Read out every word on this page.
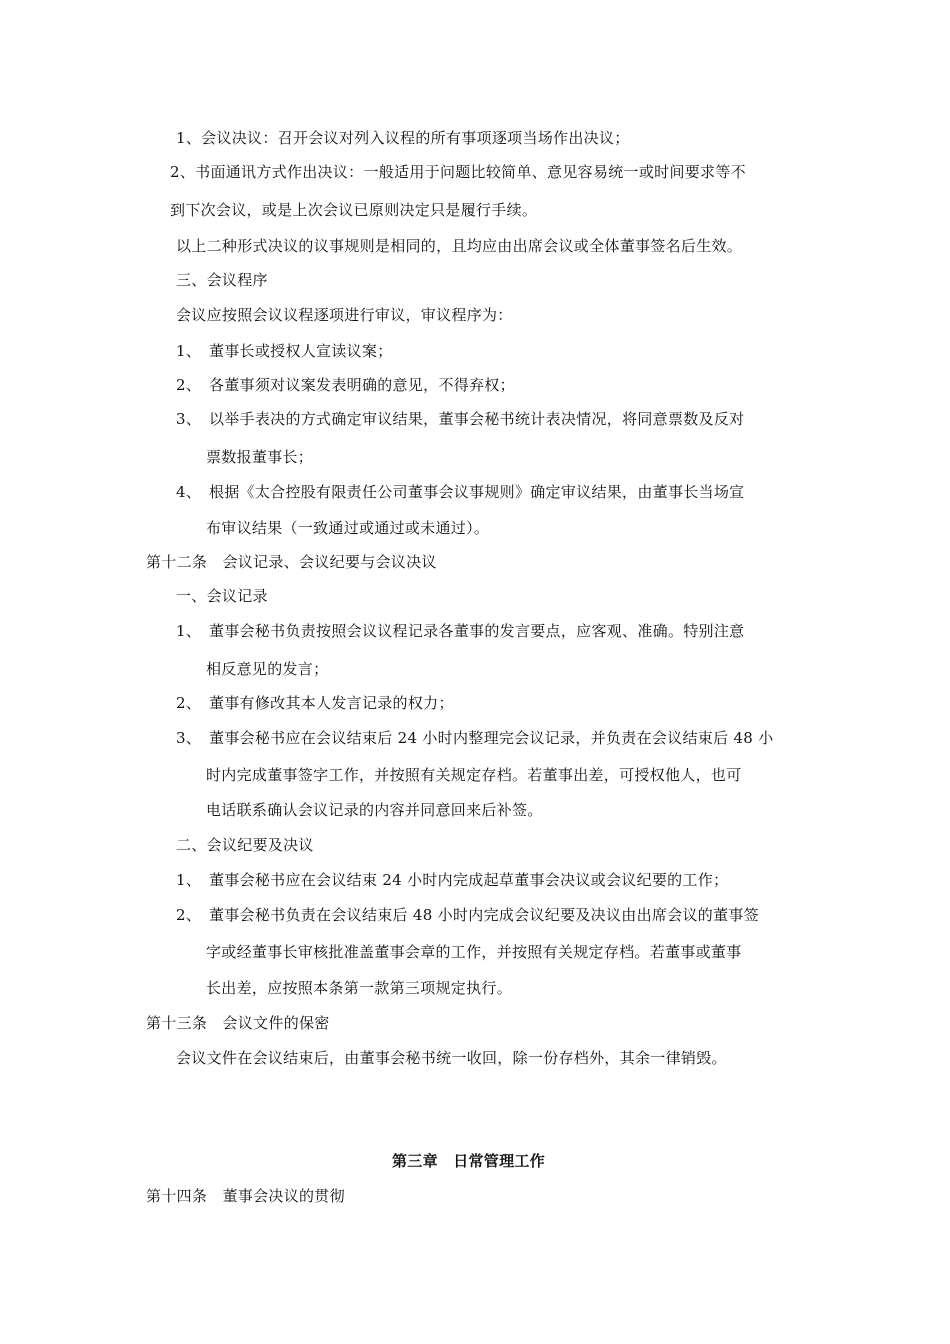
1、会议决议：召开会议对列入议程的所有事项逐项当场作出决议；
2、书面通讯方式作出决议：一般适用于问题比较简单、意见容易统一或时间要求等不
到下次会议，或是上次会议已原则决定只是履行手续。
以上二种形式决议的议事规则是相同的，且均应由出席会议或全体董事签名后生效。
三、会议程序
会议应按照会议议程逐项进行审议，审议程序为：
1、　董事长或授权人宣读议案；
2、　各董事须对议案发表明确的意见，不得弃权；
3、　以举手表决的方式确定审议结果，董事会秘书统计表决情况，将同意票数及反对
票数报董事长；
4、　根据《太合控股有限责任公司董事会议事规则》确定审议结果，由董事长当场宣
布审议结果（一致通过或通过或未通过）。
第十二条　会议记录、会议纪要与会议决议
一、会议记录
1、　董事会秘书负责按照会议议程记录各董事的发言要点，应客观、准确。特别注意
相反意见的发言；
2、　董事有修改其本人发言记录的权力；
3、　董事会秘书应在会议结束后 24 小时内整理完会议记录，并负责在会议结束后 48 小
时内完成董事签字工作，并按照有关规定存档。若董事出差，可授权他人，也可
电话联系确认会议记录的内容并同意回来后补签。
二、会议纪要及决议
1、　董事会秘书应在会议结束 24 小时内完成起草董事会决议或会议纪要的工作；
2、　董事会秘书负责在会议结束后 48 小时内完成会议纪要及决议由出席会议的董事签
字或经董事长审核批准盖董事会章的工作，并按照有关规定存档。若董事或董事
长出差，应按照本条第一款第三项规定执行。
第十三条　会议文件的保密
会议文件在会议结束后，由董事会秘书统一收回，除一份存档外，其余一律销毁。
第三章　日常管理工作
第十四条　董事会决议的贯彻
